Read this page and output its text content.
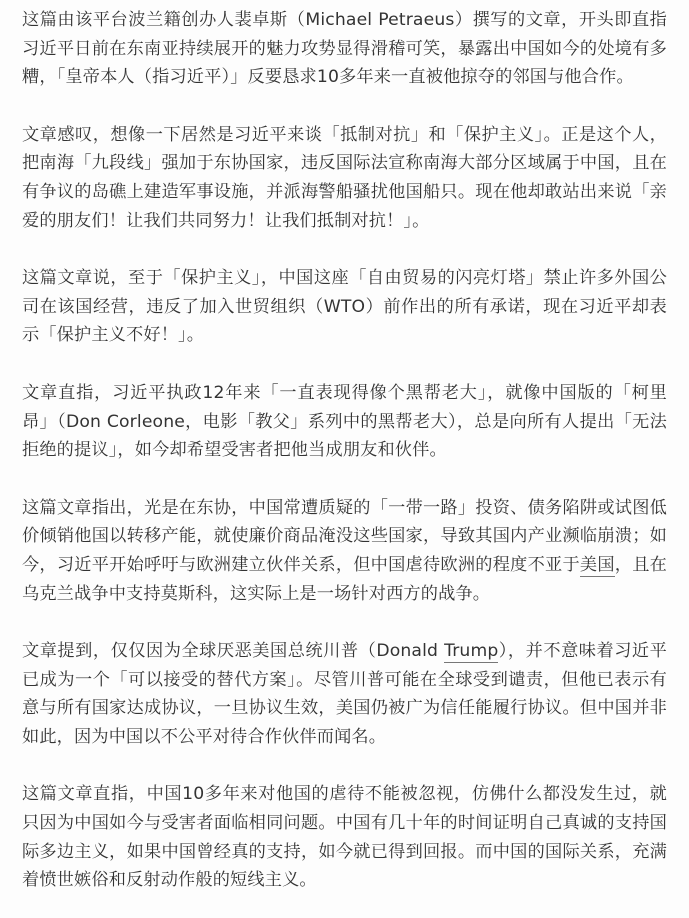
这篇由该平台波兰籍创办人裴卓斯（Michael Petraeus）撰写的文章，开头即直指习近平日前在东南亚持续展开的魅力攻势显得滑稽可笑，暴露出中国如今的处境有多糟，「皇帝本人（指习近平）」反要恳求10多年来一直被他掠夺的邻国与他合作。

文章感叹，想像一下居然是习近平来谈「抵制对抗」和「保护主义」。正是这个人，把南海「九段线」强加于东协国家，违反国际法宣称南海大部分区域属于中国，且在有争议的岛礁上建造军事设施，并派海警船骚扰他国船只。现在他却敢站出来说「亲爱的朋友们！让我们共同努力！让我们抵制对抗！」。

这篇文章说，至于「保护主义」，中国这座「自由贸易的闪亮灯塔」禁止许多外国公司在该国经营，违反了加入世贸组织（WTO）前作出的所有承诺，现在习近平却表示「保护主义不好！」。

文章直指，习近平执政12年来「一直表现得像个黑帮老大」，就像中国版的「柯里昂」（Don Corleone，电影「教父」系列中的黑帮老大），总是向所有人提出「无法拒绝的提议」，如今却希望受害者把他当成朋友和伙伴。

这篇文章指出，光是在东协，中国常遭质疑的「一带一路」投资、债务陷阱或试图低价倾销他国以转移产能，就使廉价商品淹没这些国家，导致其国内产业濒临崩溃；如今，习近平开始呼吁与欧洲建立伙伴关系，但中国虐待欧洲的程度不亚于美国，且在乌克兰战争中支持莫斯科，这实际上是一场针对西方的战争。

文章提到，仅仅因为全球厌恶美国总统川普（Donald Trump），并不意味着习近平已成为一个「可以接受的替代方案」。尽管川普可能在全球受到谴责，但他已表示有意与所有国家达成协议，一旦协议生效，美国仍被广为信任能履行协议。但中国并非如此，因为中国以不公平对待合作伙伴而闻名。

这篇文章直指，中国10多年来对他国的虐待不能被忽视，仿佛什么都没发生过，就只因为中国如今与受害者面临相同问题。中国有几十年的时间证明自己真诚的支持国际多边主义，如果中国曾经真的支持，如今就已得到回报。而中国的国际关系，充满着愤世嫉俗和反射动作般的短线主义。
